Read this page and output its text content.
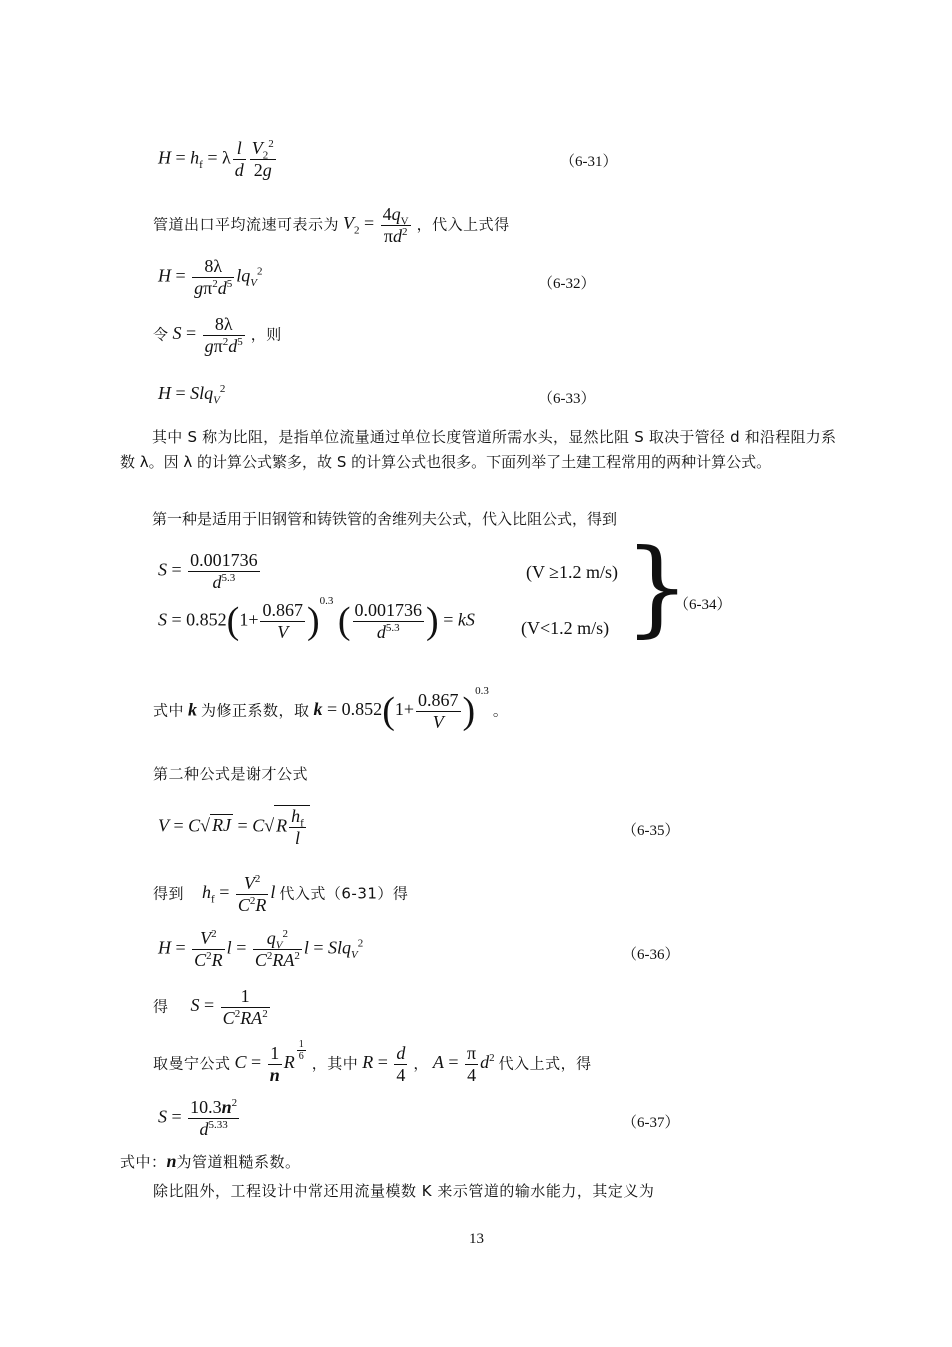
$H = h_f = \lambda \frac{l}{d} \frac{V_2^2}{2g}$	（6-31）
管道出口平均流速可表示为 $V_2 = \frac{4q_V}{\pi d^2}$ ，代入上式得
$H = \frac{8\lambda}{g\pi^2d^5} lq_V^2$
（6-32）
令 $S = \frac{8\lambda}{g\pi^2d^5}$ ，则
H = Slq$_V^2$
（6-33）
其中 S 称为比阻，是指单位流量通过单位长度管道所需水头，显然比阻 S 取决于管径 d 和沿程阻力系数 λ。因 λ 的计算公式繁多，故 S 的计算公式也很多。下面列举了土建工程常用的两种计算公式。
第一种是适用于旧钢管和铸铁管的舍维列夫公式，代入比阻公式，得到
$S = \frac{0.001736}{d^{5.3}}$	(V ≥1.2 m/s)
$S = 0.852(1+ \frac{0.867}{V} )^{0.3}$ ( $\frac{0.001736}{d^{5.3}}$ ) = kS	(V<1.2 m/s) }
（6-34）
式中 k 为修正系数，取 $k = 0.852(1+ \frac{0.867}{V} )^{0.3}$ 。
第二种公式是谢才公式
V = C√ RJ = C√ R $\frac{h_f}{l}$	（6-35）
得到 $h_f = \frac{V^2}{C^2R}$ l 代入式（6-31）得
$H = \frac{V^2}{C^2R}$ $l = \frac{q_V^2}{C^2RA^2}$ l = Slq$_V^2$
（6-36）
得 $S = \frac{1}{C^2RA^2}$
取曼宁公式 $C = \frac{1}{n}$ R $^{\frac{1}{6}}$
，其中 $R = \frac{d}{4}$ ， $A = \frac{\pi}{4} d^2$ 代入上式，得
$S = \frac{10.3n^2}{d^{5.33}}$	（6-37）
式中：n为管道粗糙系数。
除比阻外，工程设计中常还用流量模数 K 来示管道的输水能力，其定义为
13
